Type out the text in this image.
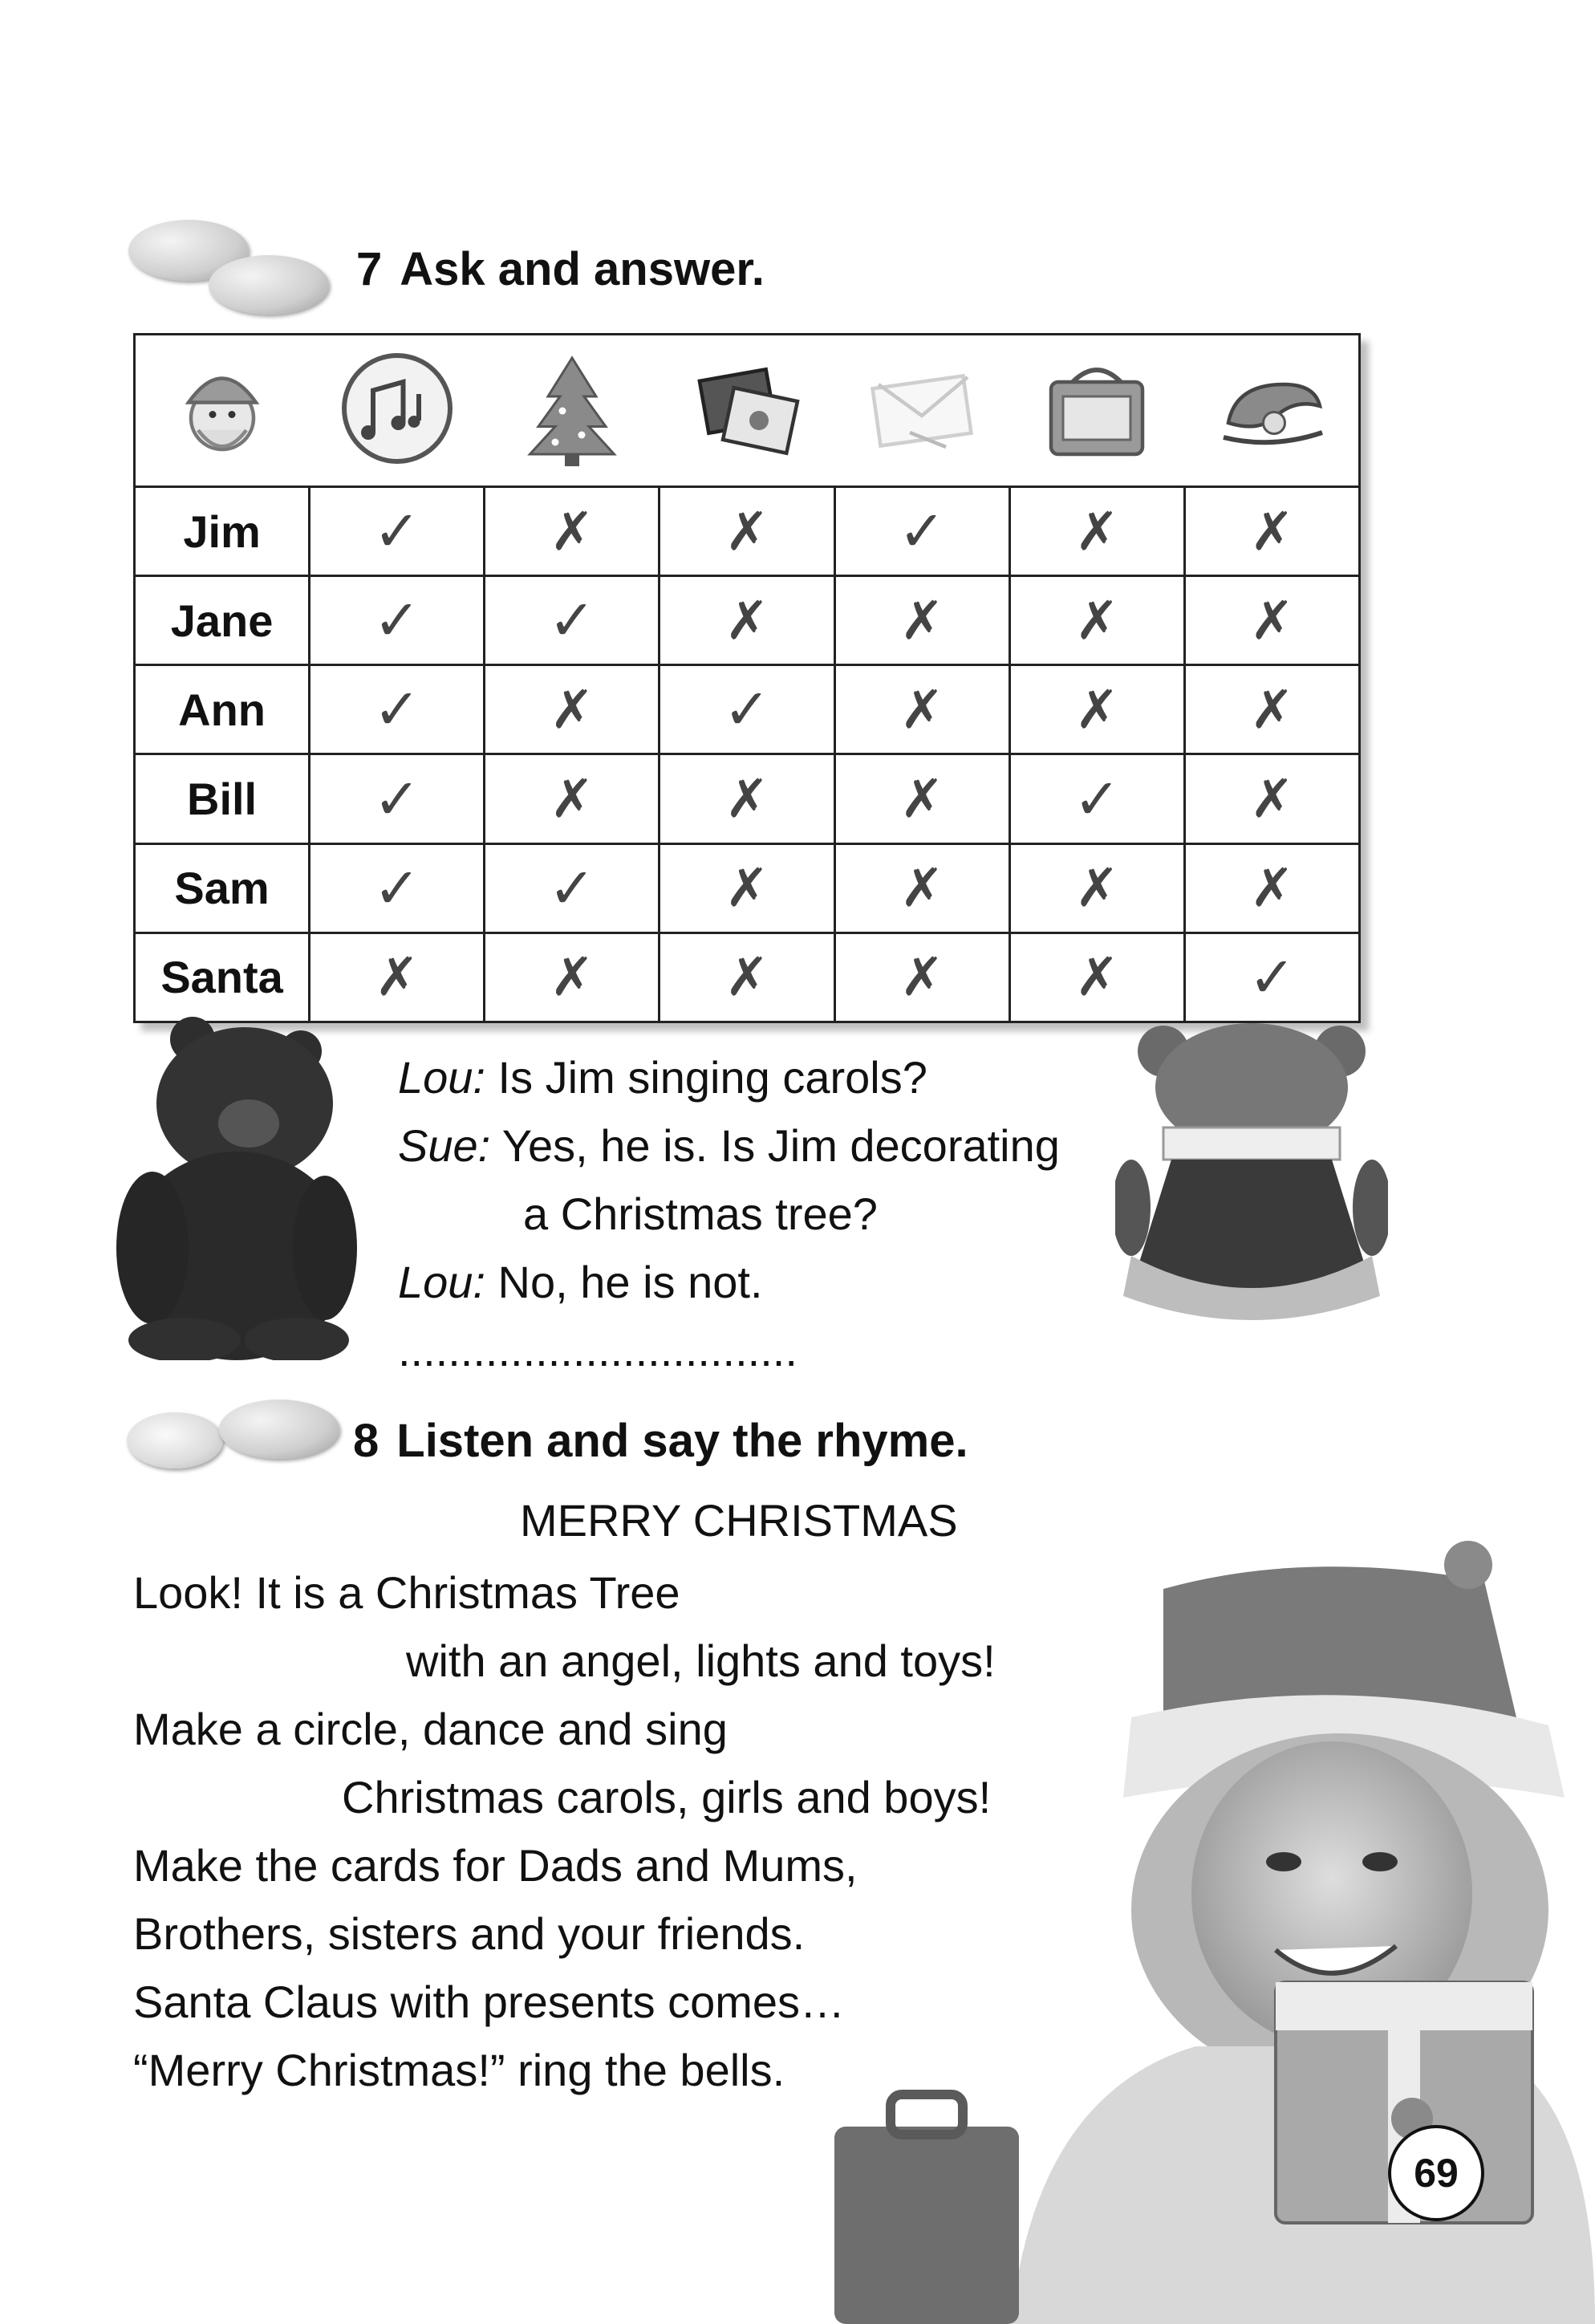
7 Ask and answer.

Jim	✓	✗	✗	✓	✗	✗
Jane	✓	✓	✗	✗	✗	✗
Ann	✓	✗	✓	✗	✗	✗
Bill	✓	✗	✗	✗	✓	✗
Sam	✓	✓	✗	✗	✗	✗
Santa	✗	✗	✗	✗	✗	✓
Lou: Is Jim singing carols?
Sue: Yes, he is. Is Jim decorating
a Christmas tree?
Lou: No, he is not.
................................
8 Listen and say the rhyme.
MERRY CHRISTMAS
Look! It is a Christmas Tree
with an angel, lights and toys!
Make a circle, dance and sing
Christmas carols, girls and boys!
Make the cards for Dads and Mums,
Brothers, sisters and your friends.
Santa Claus with presents comes…
“Merry Christmas!” ring the bells.
69
